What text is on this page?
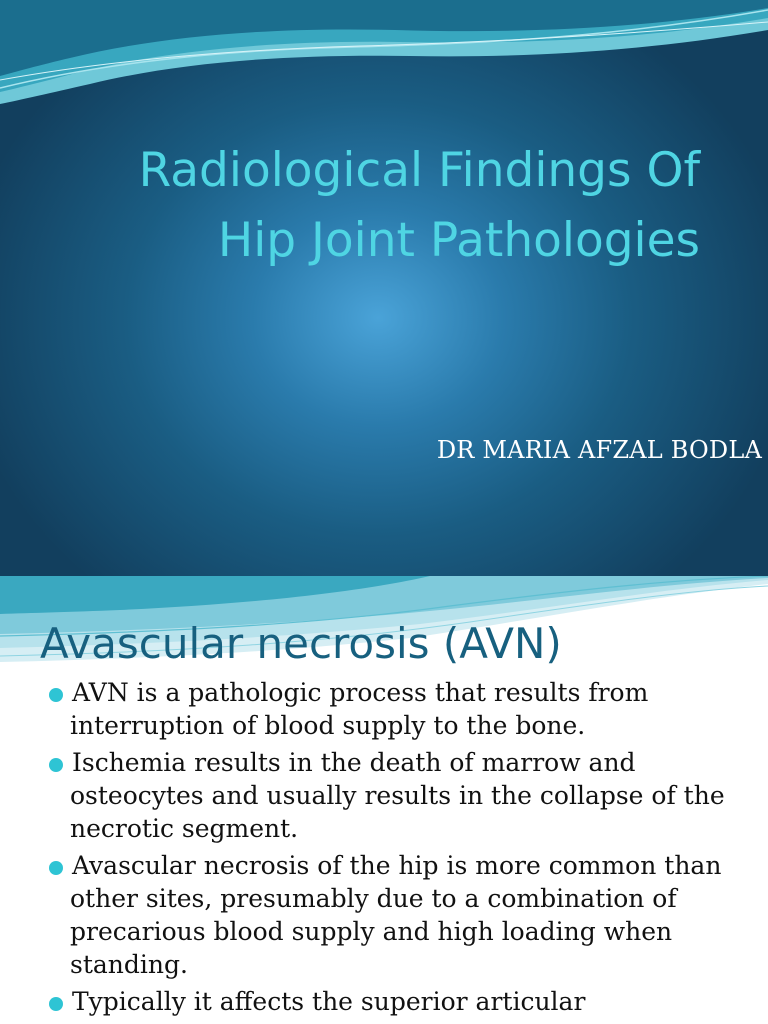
Radiological Findings Of
Hip Joint Pathologies
DR MARIA AFZAL BODLA
Avascular necrosis (AVN)
AVN is a pathologic process that results from interruption of blood supply to the bone.
Ischemia results in the death of marrow and osteocytes and usually results in the collapse of the necrotic segment.
Avascular necrosis of the hip is more common than other sites, presumably due to a combination of precarious blood supply and high loading when standing.
Typically it affects the superior articular
